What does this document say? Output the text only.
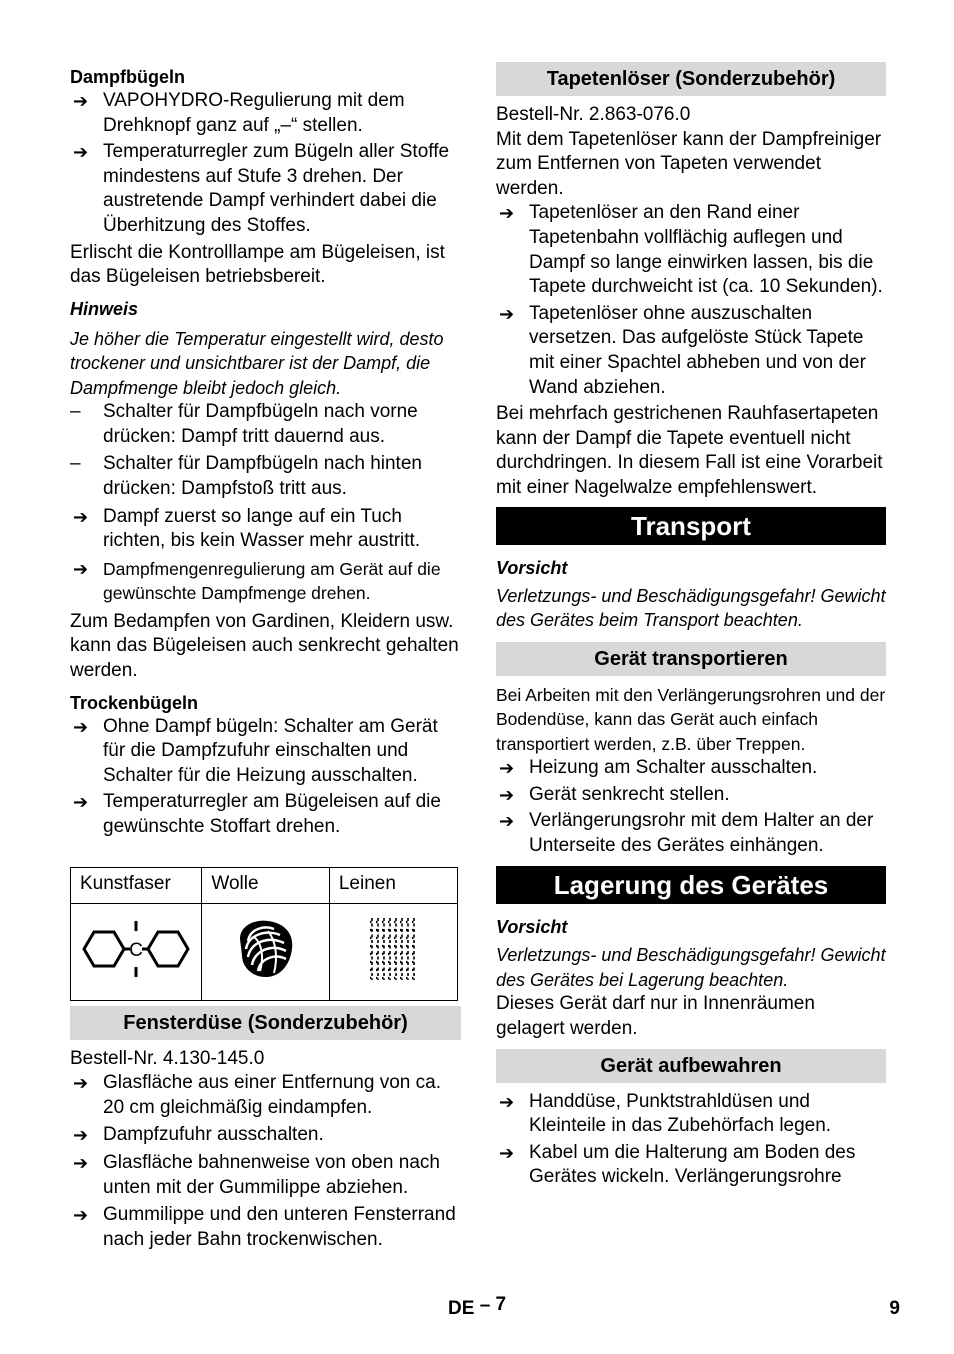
Dampfbügeln

➔ VAPOHYDRO-Regulierung mit dem Drehknopf ganz auf „–“ stellen.
➔ Temperaturregler zum Bügeln aller Stoffe mindestens auf Stufe 3 drehen. Der austretende Dampf verhindert dabei die Überhitzung des Stoffes.

Erlischt die Kontrolllampe am Bügeleisen, ist das Bügeleisen betriebsbereit.

Hinweis

Je höher die Temperatur eingestellt wird, desto trockener und unsichtbarer ist der Dampf, die Dampfmenge bleibt jedoch gleich.

– Schalter für Dampfbügeln nach vorne drücken: Dampf tritt dauernd aus.
– Schalter für Dampfbügeln nach hinten drücken: Dampfstoß tritt aus.
➔ Dampf zuerst so lange auf ein Tuch richten, bis kein Wasser mehr austritt.
➔ Dampfmengenregulierung am Gerät auf die gewünschte Dampfmenge drehen.

Zum Bedampfen von Gardinen, Kleidern usw. kann das Bügeleisen auch senkrecht gehalten werden.

Trockenbügeln

➔ Ohne Dampf bügeln: Schalter am Gerät für die Dampfzufuhr einschalten und Schalter für die Heizung ausschalten.
➔ Temperaturregler am Bügeleisen auf die gewünschte Stoffart drehen.
Kunstfaser	Wolle	Leinen

C

Fensterdüse (Sonderzubehör)

Bestell-Nr. 4.130-145.0

➔ Glasfläche aus einer Entfernung von ca. 20 cm gleichmäßig eindampfen.
➔ Dampfzufuhr ausschalten.
➔ Glasfläche bahnenweise von oben nach unten mit der Gummilippe abziehen.
➔ Gummilippe und den unteren Fensterrand nach jeder Bahn trockenwischen.
Tapetenlöser (Sonderzubehör)

Bestell-Nr. 2.863-076.0

Mit dem Tapetenlöser kann der Dampfreiniger zum Entfernen von Tapeten verwendet werden.

➔ Tapetenlöser an den Rand einer Tapetenbahn vollflächig auflegen und Dampf so lange einwirken lassen, bis die Tapete durchweicht ist (ca. 10 Sekunden).
➔ Tapetenlöser ohne auszuschalten versetzen. Das aufgelöste Stück Tapete mit einer Spachtel abheben und von der Wand abziehen.

Bei mehrfach gestrichenen Rauhfasertapeten kann der Dampf die Tapete eventuell nicht durchdringen. In diesem Fall ist eine Vorarbeit mit einer Nagelwalze empfehlenswert.

Transport

Vorsicht

Verletzungs- und Beschädigungsgefahr! Gewicht des Gerätes beim Transport beachten.

Gerät transportieren

Bei Arbeiten mit den Verlängerungsrohren und der Bodendüse, kann das Gerät auch einfach transportiert werden, z.B. über Treppen.

➔ Heizung am Schalter ausschalten.
➔ Gerät senkrecht stellen.
➔ Verlängerungsrohr mit dem Halter an der Unterseite des Gerätes einhängen.
Lagerung des Gerätes

Vorsicht

Verletzungs- und Beschädigungsgefahr! Gewicht des Gerätes bei Lagerung beachten.

Dieses Gerät darf nur in Innenräumen gelagert werden.

Gerät aufbewahren
➔ Handdüse, Punktstrahldüsen und Kleinteile in das Zubehörfach legen.
➔ Kabel um die Halterung am Boden des Gerätes wickeln. Verlängerungsrohre
DE – 7	9
